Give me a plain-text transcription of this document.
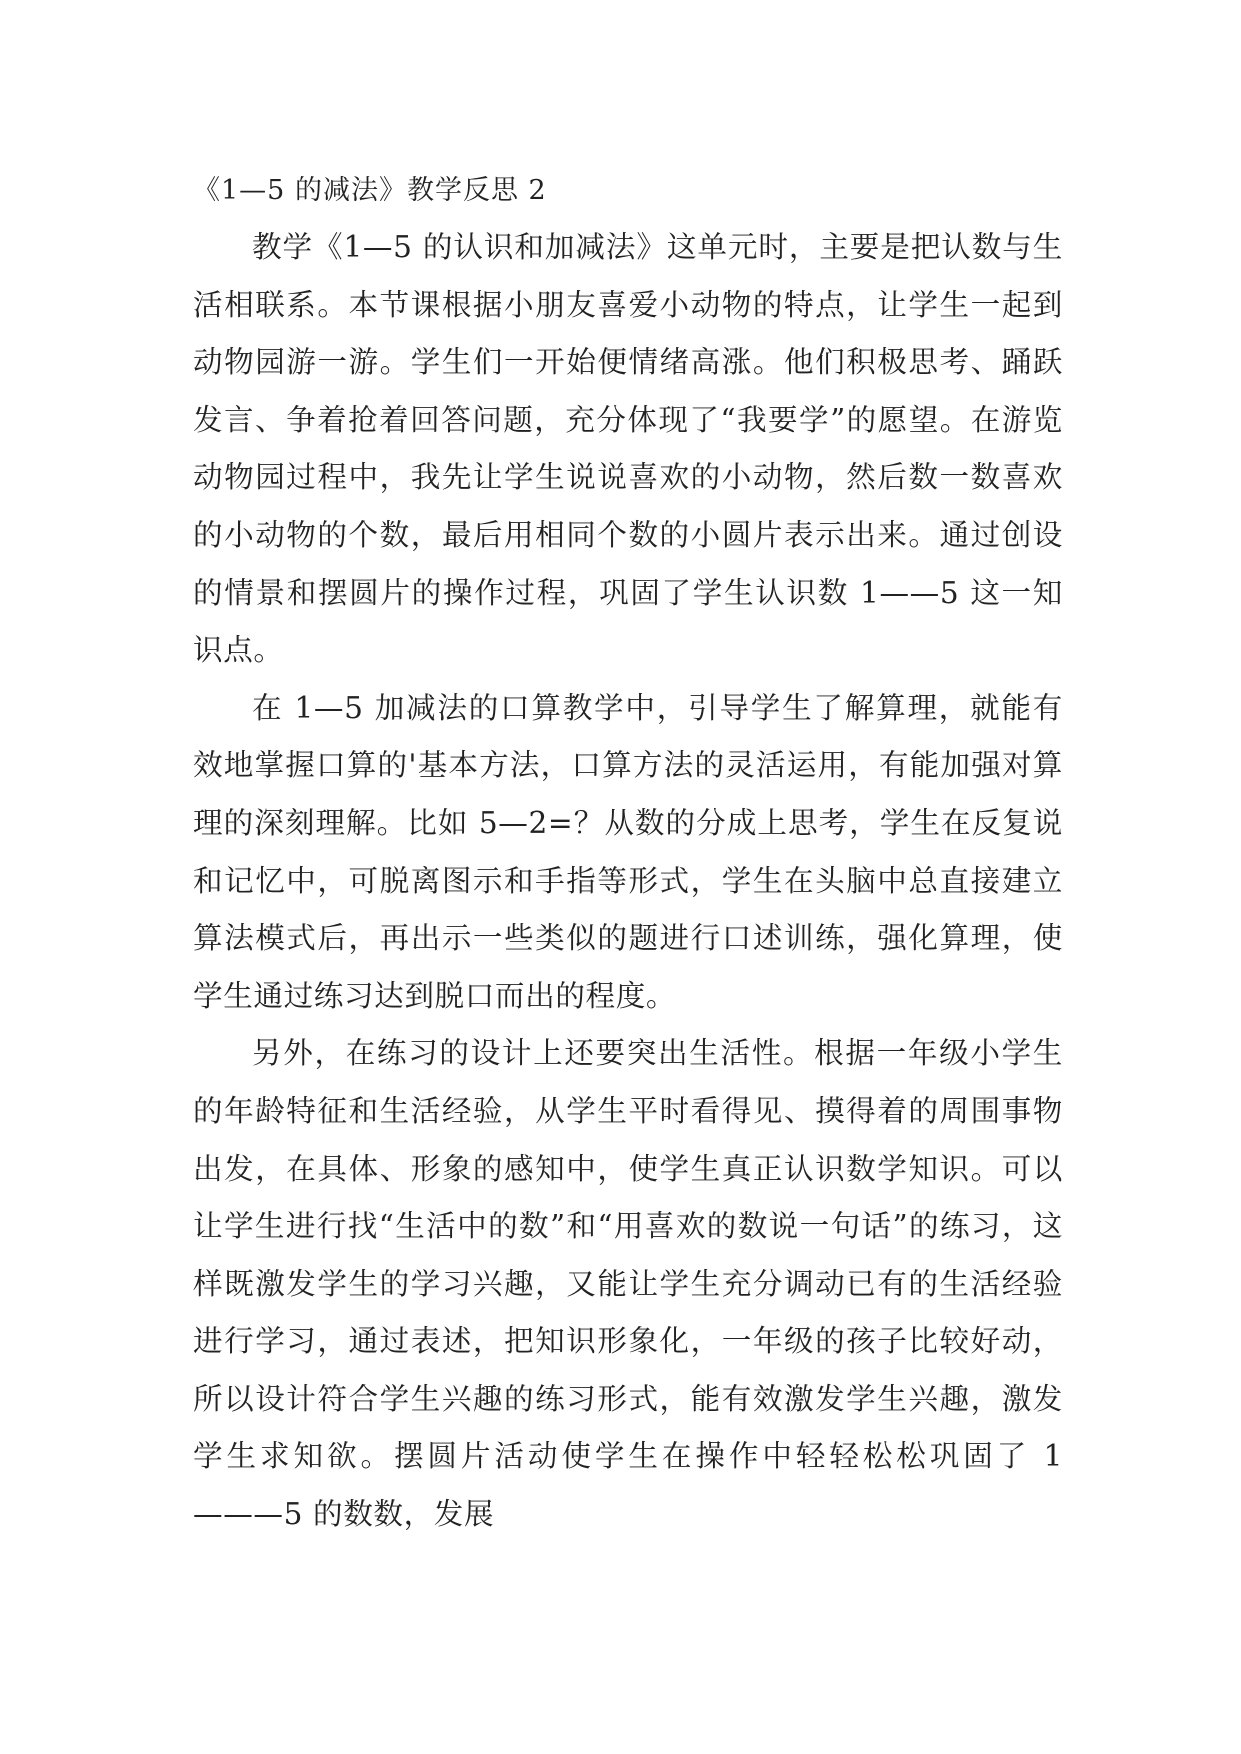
《1—5 的减法》教学反思 2

教学《1—5 的认识和加减法》这单元时，主要是把认数与生活相联系。本节课根据小朋友喜爱小动物的特点，让学生一起到动物园游一游。学生们一开始便情绪高涨。他们积极思考、踊跃发言、争着抢着回答问题，充分体现了“我要学”的愿望。在游览动物园过程中，我先让学生说说喜欢的小动物，然后数一数喜欢的小动物的个数，最后用相同个数的小圆片表示出来。通过创设的情景和摆圆片的操作过程，巩固了学生认识数 1——5 这一知识点。

在 1—5 加减法的口算教学中，引导学生了解算理，就能有效地掌握口算的'基本方法，口算方法的灵活运用，有能加强对算理的深刻理解。比如 5—2=？从数的分成上思考，学生在反复说和记忆中，可脱离图示和手指等形式，学生在头脑中总直接建立算法模式后，再出示一些类似的题进行口述训练，强化算理，使学生通过练习达到脱口而出的程度。

另外，在练习的设计上还要突出生活性。根据一年级小学生的年龄特征和生活经验，从学生平时看得见、摸得着的周围事物出发，在具体、形象的感知中，使学生真正认识数学知识。可以让学生进行找“生活中的数”和“用喜欢的数说一句话”的练习，这样既激发学生的学习兴趣，又能让学生充分调动已有的生活经验进行学习，通过表述，把知识形象化，一年级的孩子比较好动，所以设计符合学生兴趣的练习形式，能有效激发学生兴趣，激发学生求知欲。摆圆片活动使学生在操作中轻轻松松巩固了 1———5 的数数，发展
